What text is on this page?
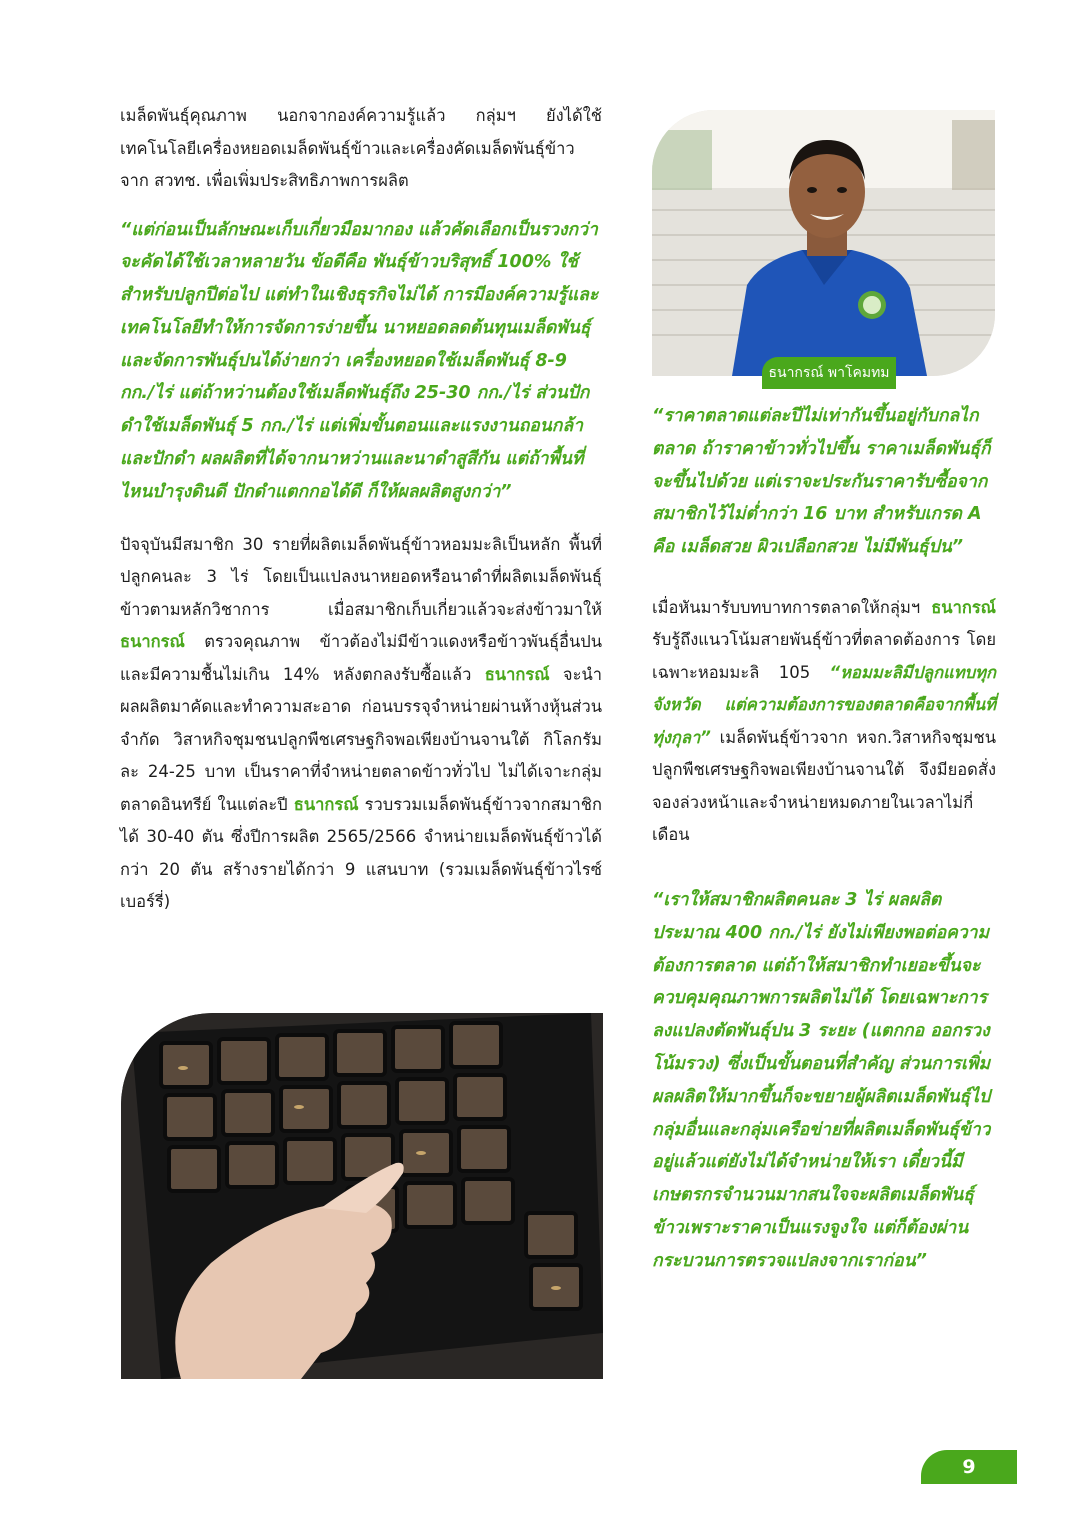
เมล็ดพันธุ์คุณภาพ นอกจากองค์ความรู้แล้ว กลุ่มฯ ยังได้ใช้เทคโนโลยีเครื่องหยอดเมล็ดพันธุ์ข้าวและเครื่องคัดเมล็ดพันธุ์ข้าวจาก สวทช. เพื่อเพิ่มประสิทธิภาพการผลิต

“แต่ก่อนเป็นลักษณะเก็บเกี่ยวมือมากอง แล้วคัดเลือกเป็นรวงกว่าจะคัดได้ใช้เวลาหลายวัน ข้อดีคือ พันธุ์ข้าวบริสุทธิ์ 100% ใช้สำหรับปลูกปีต่อไป แต่ทำในเชิงธุรกิจไม่ได้ การมีองค์ความรู้และเทคโนโลยีทำให้การจัดการง่ายขึ้น นาหยอดลดต้นทุนเมล็ดพันธุ์และจัดการพันธุ์ปนได้ง่ายกว่า เครื่องหยอดใช้เมล็ดพันธุ์ 8-9 กก./ไร่ แต่ถ้าหว่านต้องใช้เมล็ดพันธุ์ถึง 25-30 กก./ไร่ ส่วนปักดำใช้เมล็ดพันธุ์ 5 กก./ไร่ แต่เพิ่มขั้นตอนและแรงงานถอนกล้าและปักดำ ผลผลิตที่ได้จากนาหว่านและนาดำสูสีกัน แต่ถ้าพื้นที่ไหนบำรุงดินดี ปักดำแตกกอได้ดี ก็ให้ผลผลิตสูงกว่า”

ปัจจุบันมีสมาชิก 30 รายที่ผลิตเมล็ดพันธุ์ข้าวหอมมะลิเป็นหลัก พื้นที่ปลูกคนละ 3 ไร่ โดยเป็นแปลงนาหยอดหรือนาดำที่ผลิตเมล็ดพันธุ์ข้าวตามหลักวิชาการ เมื่อสมาชิกเก็บเกี่ยวแล้วจะส่งข้าวมาให้ ธนากรณ์ ตรวจคุณภาพ ข้าวต้องไม่มีข้าวแดงหรือข้าวพันธุ์อื่นปนและมีความชื้นไม่เกิน 14% หลังตกลงรับซื้อแล้ว ธนากรณ์ จะนำผลผลิตมาคัดและทำความสะอาด ก่อนบรรจุจำหน่ายผ่านห้างหุ้นส่วนจำกัด วิสาหกิจชุมชนปลูกพืชเศรษฐกิจพอเพียงบ้านจานใต้ กิโลกรัมละ 24-25 บาท เป็นราคาที่จำหน่ายตลาดข้าวทั่วไป ไม่ได้เจาะกลุ่มตลาดอินทรีย์ ในแต่ละปี ธนากรณ์ รวบรวมเมล็ดพันธุ์ข้าวจากสมาชิกได้ 30-40 ตัน ซึ่งปีการผลิต 2565/2566 จำหน่ายเมล็ดพันธุ์ข้าวได้กว่า 20 ตัน สร้างรายได้กว่า 9 แสนบาท (รวมเมล็ดพันธุ์ข้าวไรซ์เบอร์รี่)

ธนากรณ์ พาโคมทม

“ราคาตลาดแต่ละปีไม่เท่ากันขึ้นอยู่กับกลไกตลาด ถ้าราคาข้าวทั่วไปขึ้น ราคาเมล็ดพันธุ์ก็จะขึ้นไปด้วย แต่เราจะประกันราคารับซื้อจากสมาชิกไว้ไม่ต่ำกว่า 16 บาท สำหรับเกรด A คือ เมล็ดสวย ผิวเปลือกสวย ไม่มีพันธุ์ปน”

เมื่อหันมารับบทบาทการตลาดให้กลุ่มฯ ธนากรณ์ รับรู้ถึงแนวโน้มสายพันธุ์ข้าวที่ตลาดต้องการ โดยเฉพาะหอมมะลิ 105 “หอมมะลิมีปลูกแทบทุกจังหวัด แต่ความต้องการของตลาดคือจากพื้นที่ทุ่งกุลา” เมล็ดพันธุ์ข้าวจาก หจก.วิสาหกิจชุมชนปลูกพืชเศรษฐกิจพอเพียงบ้านจานใต้ จึงมียอดสั่งจองล่วงหน้าและจำหน่ายหมดภายในเวลาไม่กี่เดือน

“เราให้สมาชิกผลิตคนละ 3 ไร่ ผลผลิตประมาณ 400 กก./ไร่ ยังไม่เพียงพอต่อความต้องการตลาด แต่ถ้าให้สมาชิกทำเยอะขึ้นจะควบคุมคุณภาพการผลิตไม่ได้ โดยเฉพาะการลงแปลงตัดพันธุ์ปน 3 ระยะ (แตกกอ ออกรวง โน้มรวง) ซึ่งเป็นขั้นตอนที่สำคัญ ส่วนการเพิ่มผลผลิตให้มากขึ้นก็จะขยายผู้ผลิตเมล็ดพันธุ์ไปกลุ่มอื่นและกลุ่มเครือข่ายที่ผลิตเมล็ดพันธุ์ข้าวอยู่แล้วแต่ยังไม่ได้จำหน่ายให้เรา เดี๋ยวนี้มีเกษตรกรจำนวนมากสนใจจะผลิตเมล็ดพันธุ์ข้าวเพราะราคาเป็นแรงจูงใจ แต่ก็ต้องผ่านกระบวนการตรวจแปลงจากเราก่อน”

9
